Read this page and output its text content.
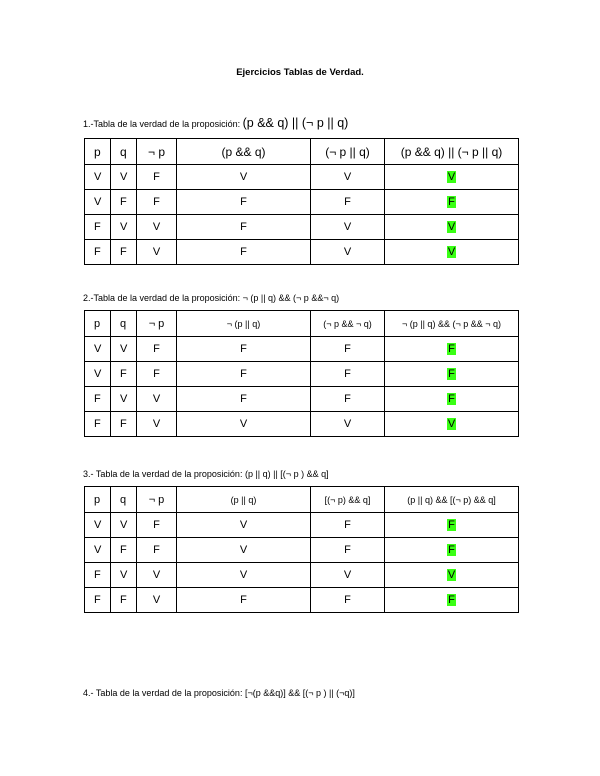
Ejercicios Tablas de Verdad.
1.-Tabla de la verdad de la proposición: (p && q) || (¬ p || q)
p	q	¬ p	(p && q)	(¬ p || q)	(p && q) || (¬ p || q)
V	V	F	V	V	V
V	F	F	F	F	F
F	V	V	F	V	V
F	F	V	F	V	V
2.-Tabla de la verdad de la proposición: ¬ (p || q) && (¬ p &&¬ q)
p	q	¬ p	¬ (p || q)	(¬ p && ¬ q)	¬ (p || q) && (¬ p && ¬ q)
V	V	F	F	F	F
V	F	F	F	F	F
F	V	V	F	F	F
F	F	V	V	V	V
3.- Tabla de la verdad de la proposición: (p || q) || [(¬ p ) && q]
p	q	¬ p	(p || q)	[(¬ p) && q]	(p || q) && [(¬ p) && q]
V	V	F	V	F	F
V	F	F	V	F	F
F	V	V	V	V	V
F	F	V	F	F	F
4.- Tabla de la verdad de la proposición: [¬(p &&q)] && [(¬ p ) || (¬q)]
